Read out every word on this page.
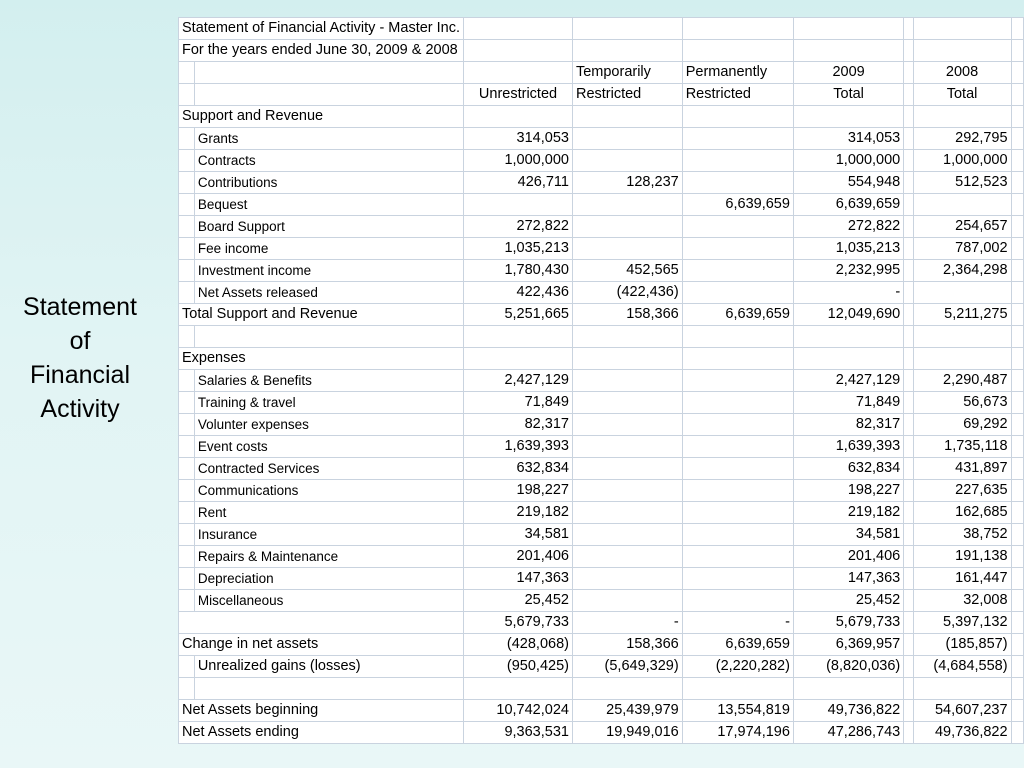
Statement
of
Financial
Activity
Statement of Financial Activity - Master Inc.								
For the years ended June 30, 2009 & 2008								
			Temporarily	Permanently	2009		2008	
		Unrestricted	Restricted	Restricted	Total		Total	
Support and Revenue								
	Grants	314,053			314,053		292,795	
	Contracts	1,000,000			1,000,000		1,000,000	
	Contributions	426,711	128,237		554,948		512,523	
	Bequest			6,639,659	6,639,659			
	Board Support	272,822			272,822		254,657	
	Fee income	1,035,213			1,035,213		787,002	
	Investment income	1,780,430	452,565		2,232,995		2,364,298	
	Net Assets released	422,436	(422,436)		-			
Total Support and Revenue		5,251,665	158,366	6,639,659	12,049,690		5,211,275	

Expenses								
	Salaries & Benefits	2,427,129			2,427,129		2,290,487	
	Training & travel	71,849			71,849		56,673	
	Volunter expenses	82,317			82,317		69,292	
	Event costs	1,639,393			1,639,393		1,735,118	
	Contracted Services	632,834			632,834		431,897	
	Communications	198,227			198,227		227,635	
	Rent	219,182			219,182		162,685	
	Insurance	34,581			34,581		38,752	
	Repairs & Maintenance	201,406			201,406		191,138	
	Depreciation	147,363			147,363		161,447	
	Miscellaneous	25,452			25,452		32,008	
		5,679,733	-	-	5,679,733		5,397,132	
Change in net assets		(428,068)	158,366	6,639,659	6,369,957		(185,857)	
	Unrealized gains (losses)	(950,425)	(5,649,329)	(2,220,282)	(8,820,036)		(4,684,558)	

Net Assets beginning		10,742,024	25,439,979	13,554,819	49,736,822		54,607,237	
Net Assets ending		9,363,531	19,949,016	17,974,196	47,286,743		49,736,822	
